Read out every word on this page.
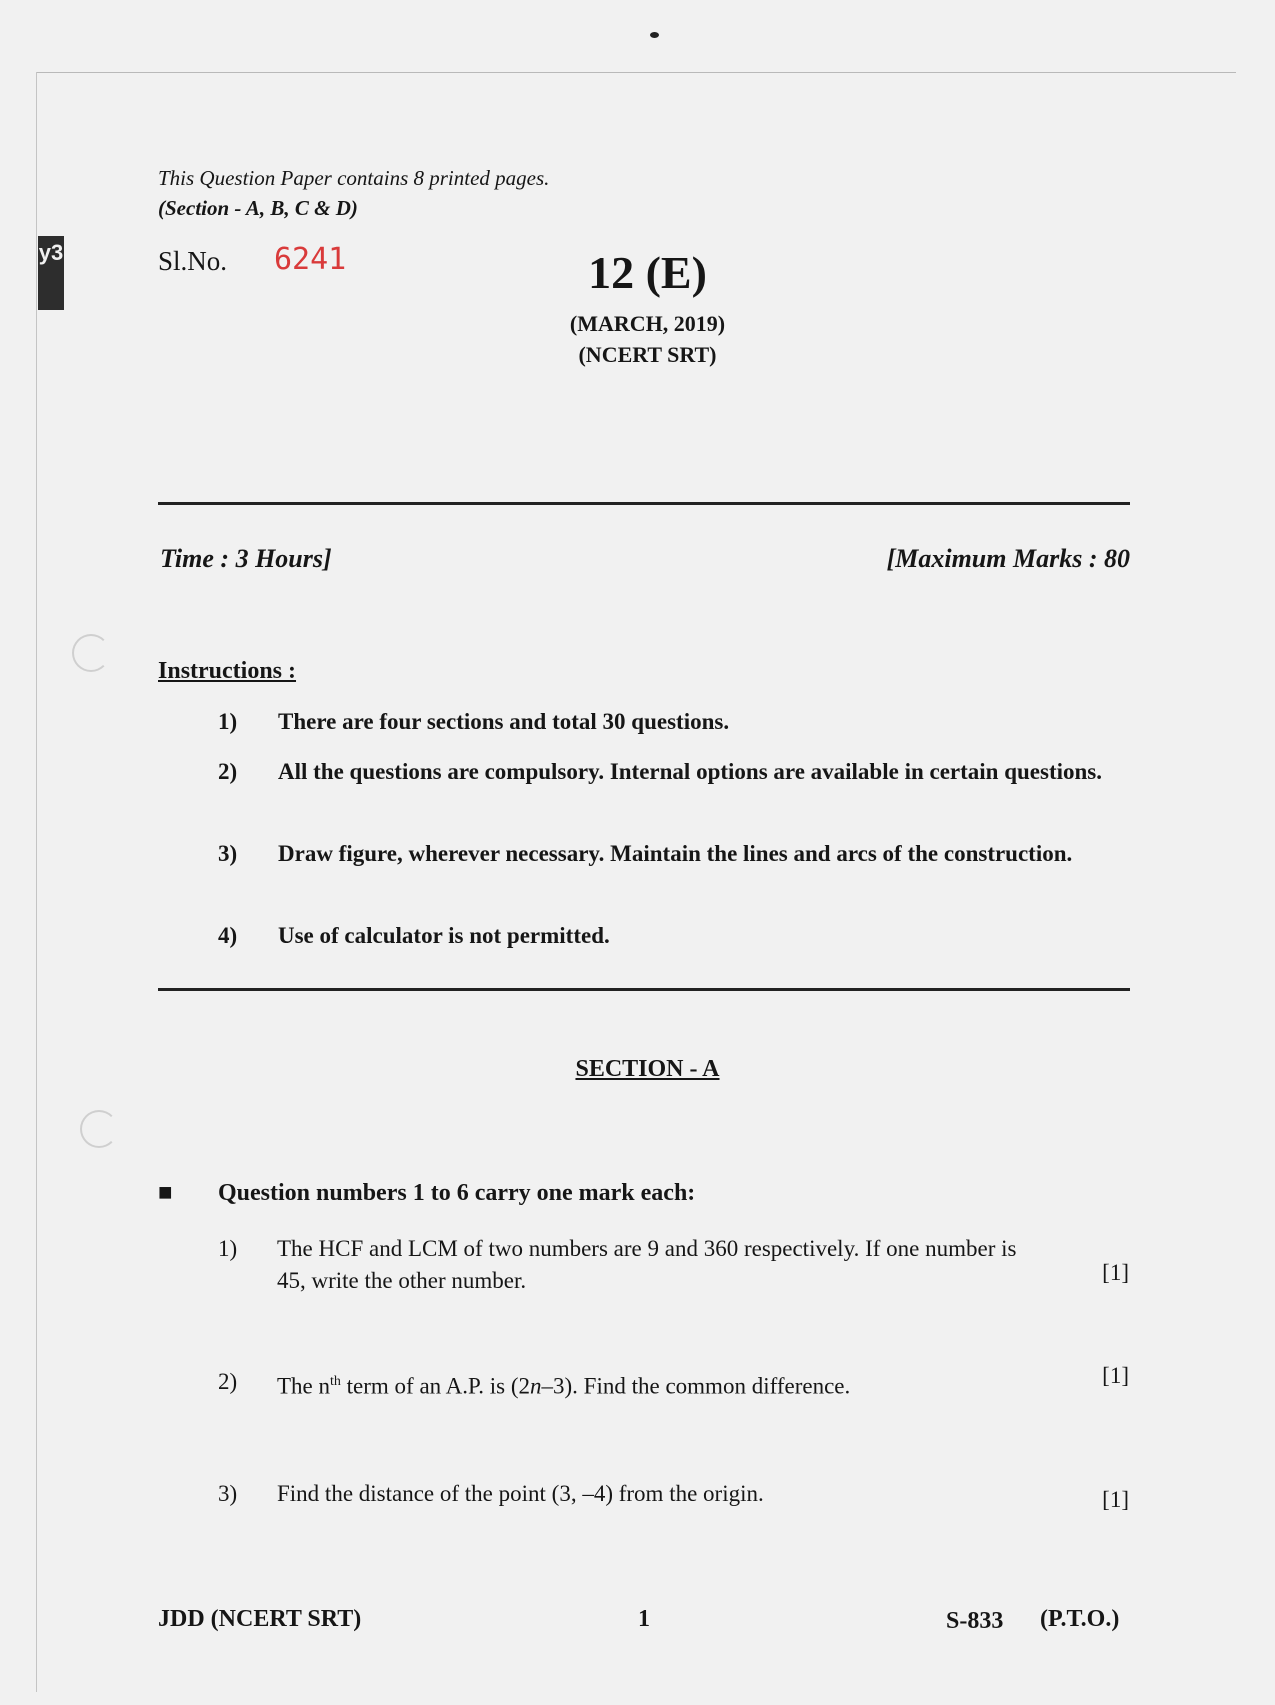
y3
This Question Paper contains 8 printed pages.
(Section - A, B, C & D)
Sl.No. 6241	12 (E)
(MARCH, 2019)
(NCERT SRT)
Time : 3 Hours]	[Maximum Marks : 80
Instructions :
1) There are four sections and total 30 questions.
2) All the questions are compulsory. Internal options are available in certain questions.
3) Draw figure, wherever necessary. Maintain the lines and arcs of the construction.
4) Use of calculator is not permitted.
SECTION - A
■ Question numbers 1 to 6 carry one mark each:
1) The HCF and LCM of two numbers are 9 and 360 respectively. If one number is 45, write the other number.	[1]
2) The $n^{th}$ term of an A.P. is (2n–3). Find the common difference.	[1]
3) Find the distance of the point (3, –4) from the origin.	[1]
JDD (NCERT SRT)	1	S-833 (P.T.O.)
